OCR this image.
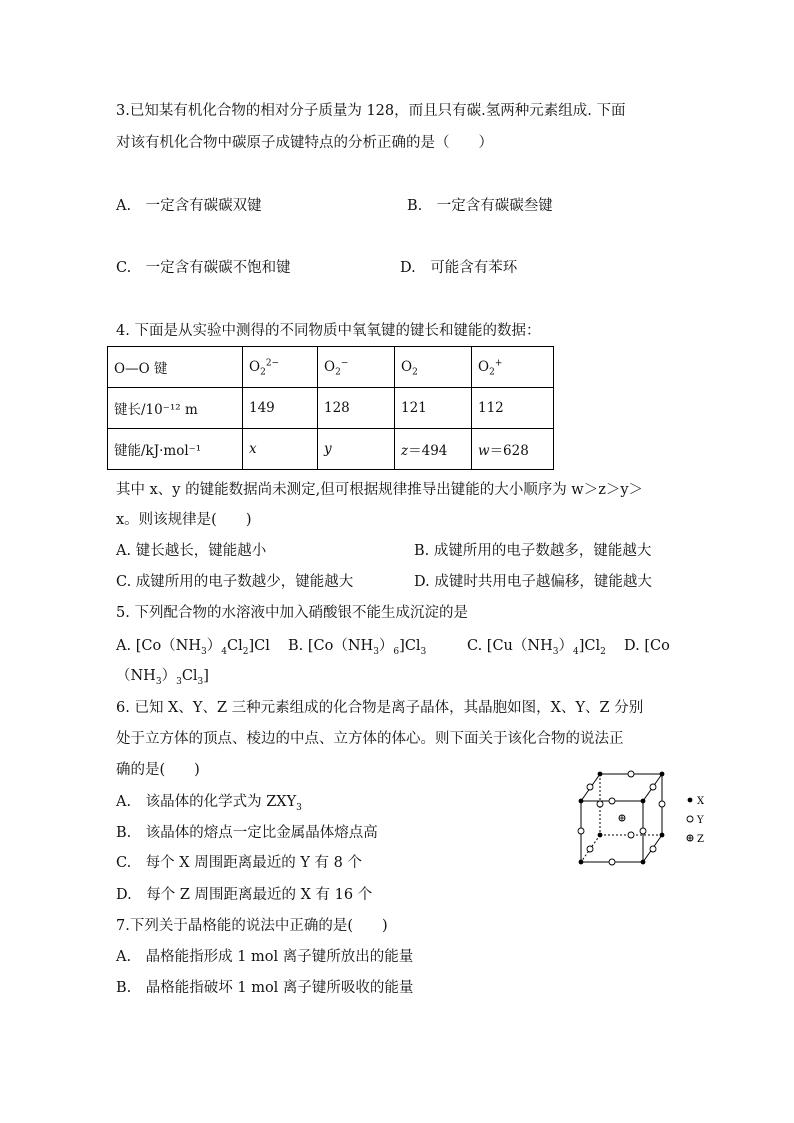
3.已知某有机化合物的相对分子质量为 128，而且只有碳.氢两种元素组成. 下面
对该有机化合物中碳原子成键特点的分析正确的是（　　）
A.　一定含有碳碳双键	B.　一定含有碳碳叁键
C.　一定含有碳碳不饱和键	D.　可能含有苯环
4. 下面是从实验中测得的不同物质中氧氧键的键长和键能的数据：
O—O 键	$O_2^{2-}$	$O_2^-$	$O_2$	$O_2^+$
键长/10⁻¹² m	149	128	121	112
键能/kJ·mol⁻¹	x	y	z＝494	w＝628
其中 x、y 的键能数据尚未测定,但可根据规律推导出键能的大小顺序为 w＞z＞y＞
x。则该规律是(　　)
A. 键长越长，键能越小	B. 成键所用的电子数越多，键能越大
C. 成键所用的电子数越少，键能越大	D. 成键时共用电子越偏移，键能越大
5. 下列配合物的水溶液中加入硝酸银不能生成沉淀的是
A. $[Co(NH_3)_4Cl_2]Cl$ B. $[Co(NH_3)_6]Cl_3$	C. $[Cu(NH_3)_4]Cl_2$ D. [Co
$(NH_3)_3Cl_3$]
6. 已知 X、Y、Z 三种元素组成的化合物是离子晶体，其晶胞如图，X、Y、Z 分别
处于立方体的顶点、棱边的中点、立方体的体心。则下面关于该化合物的说法正
确的是(　　)
A.　该晶体的化学式为 $ZXY_3$
B.　该晶体的熔点一定比金属晶体熔点高
C.　每个 X 周围距离最近的 Y 有 8 个
D.　每个 Z 周围距离最近的 X 有 16 个
X
Y
Z
7.下列关于晶格能的说法中正确的是(　　)
A.　晶格能指形成 1 mol 离子键所放出的能量
B.　晶格能指破坏 1 mol 离子键所吸收的能量
